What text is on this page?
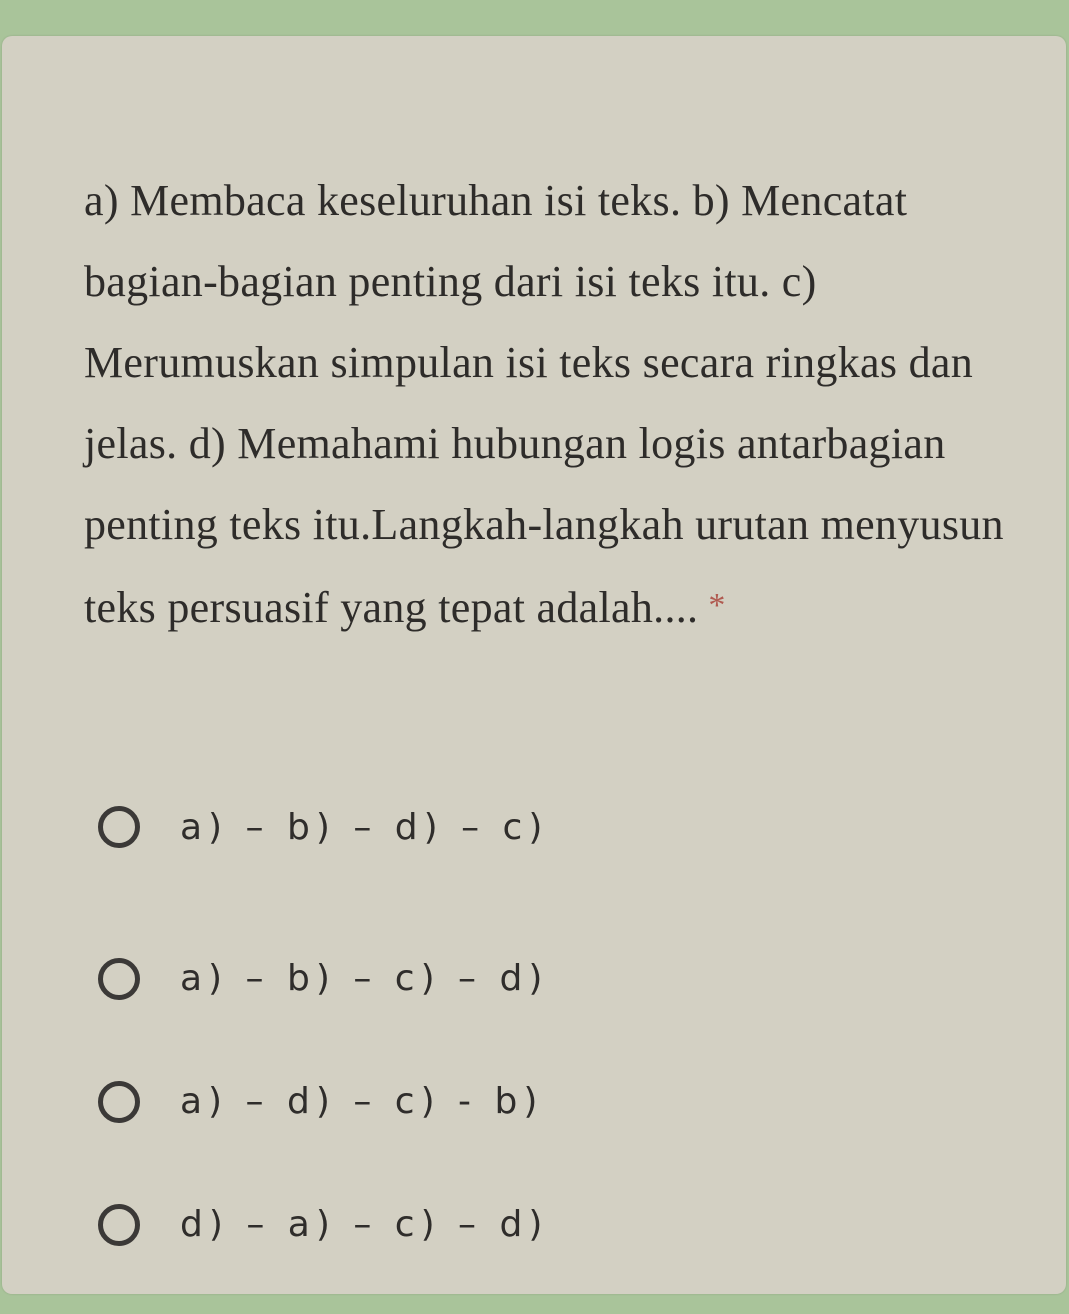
a) Membaca keseluruhan isi teks. b) Mencatat bagian-bagian penting dari isi teks itu. c) Merumuskan simpulan isi teks secara ringkas dan jelas. d) Memahami hubungan logis antarbagian penting teks itu.Langkah-langkah urutan menyusun teks persuasif yang tepat adalah.... *

a) – b) – d) – c)
a) – b) – c) – d)
a) – d) – c) - b)
d) – a) – c) – d)
